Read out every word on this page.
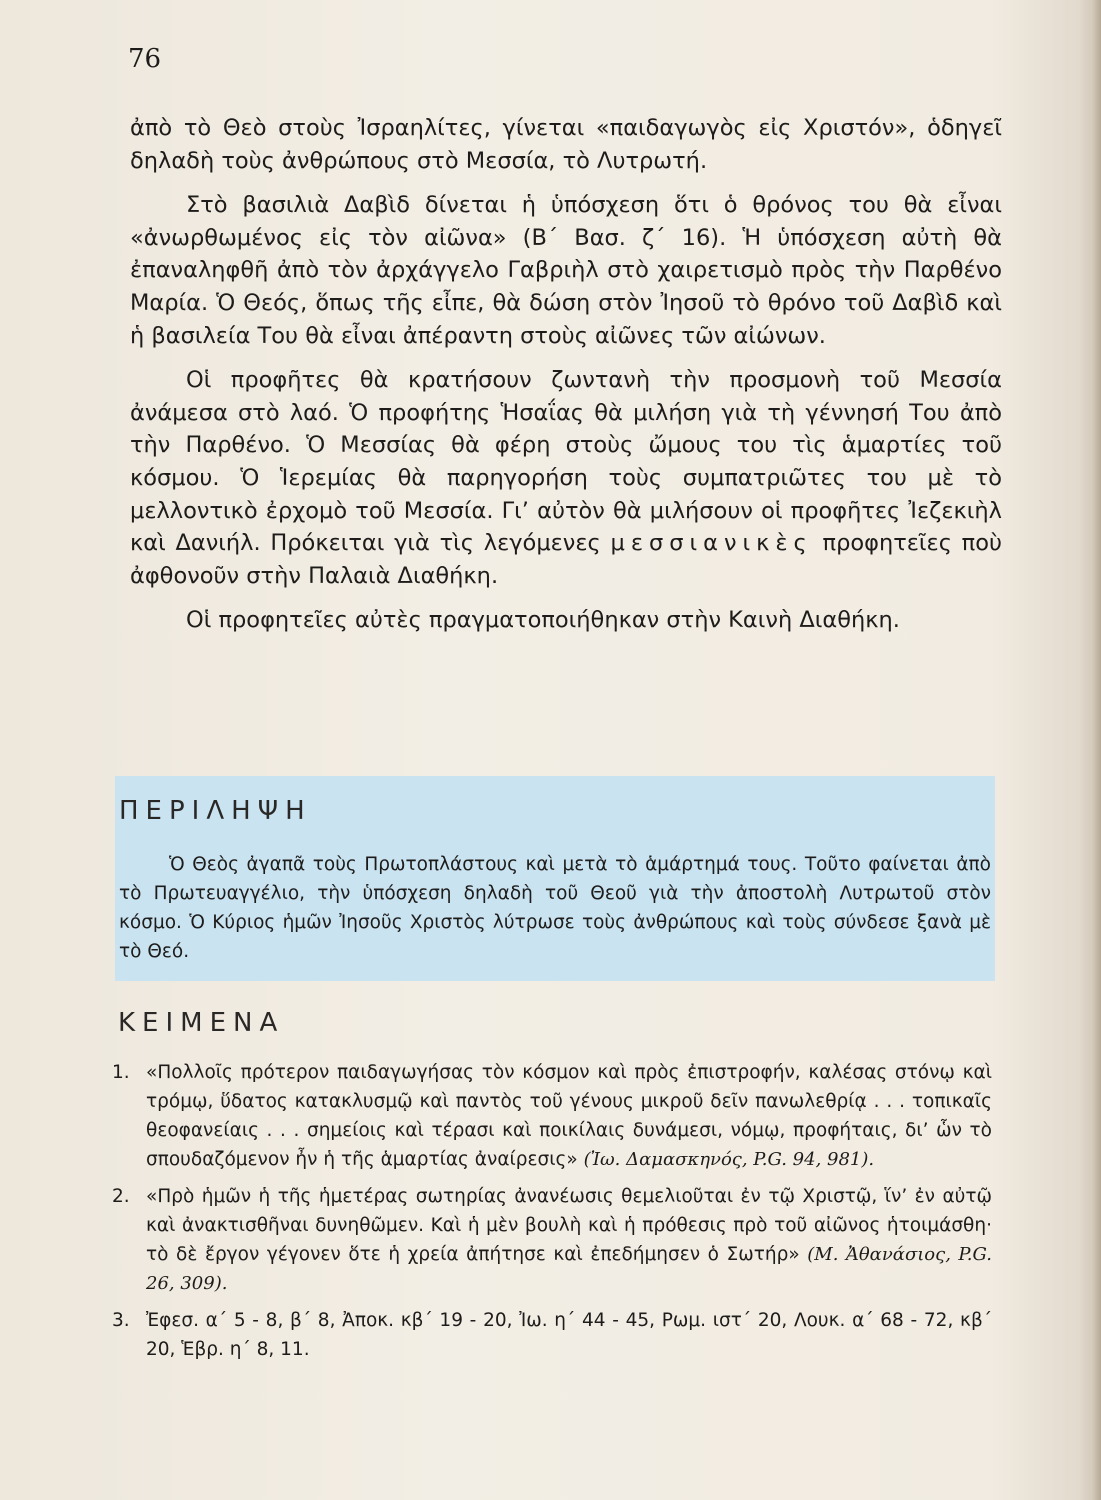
76

ἀπὸ τὸ Θεὸ στοὺς Ἰσραηλίτες, γίνεται «παιδαγωγὸς εἰς Χριστόν», ὁδηγεῖ δηλαδὴ τοὺς ἀνθρώπους στὸ Μεσσία, τὸ Λυτρωτή.

Στὸ βασιλιὰ Δαβὶδ δίνεται ἡ ὑπόσχεση ὅτι ὁ θρόνος του θὰ εἶναι «ἀνωρθωμένος εἰς τὸν αἰῶνα» (Β΄ Βασ. ζ΄ 16). Ἡ ὑπόσχεση αὐτὴ θὰ ἐπαναληφθῆ ἀπὸ τὸν ἀρχάγγελο Γαβριὴλ στὸ χαιρετισμὸ πρὸς τὴν Παρθένο Μαρία. Ὁ Θεός, ὅπως τῆς εἶπε, θὰ δώση στὸν Ἰησοῦ τὸ θρόνο τοῦ Δαβὶδ καὶ ἡ βασιλεία Του θὰ εἶναι ἀπέραντη στοὺς αἰῶνες τῶν αἰώνων.

Οἱ προφῆτες θὰ κρατήσουν ζωντανὴ τὴν προσμονὴ τοῦ Μεσσία ἀνάμεσα στὸ λαό. Ὁ προφήτης Ἡσαΐας θὰ μιλήση γιὰ τὴ γέννησή Του ἀπὸ τὴν Παρθένο. Ὁ Μεσσίας θὰ φέρη στοὺς ὤμους του τὶς ἁμαρτίες τοῦ κόσμου. Ὁ Ἱερεμίας θὰ παρηγορήση τοὺς συμπατριῶτες του μὲ τὸ μελλοντικὸ ἐρχομὸ τοῦ Μεσσία. Γι’ αὐτὸν θὰ μιλήσουν οἱ προφῆτες Ἰεζεκιὴλ καὶ Δανιήλ. Πρόκειται γιὰ τὶς λεγόμενες μεσσιανικὲς προφητεῖες ποὺ ἀφθονοῦν στὴν Παλαιὰ Διαθήκη.

Οἱ προφητεῖες αὐτὲς πραγματοποιήθηκαν στὴν Καινὴ Διαθήκη.

ΠΕΡΙΛΗΨΗ

Ὁ Θεὸς ἀγαπᾶ τοὺς Πρωτοπλάστους καὶ μετὰ τὸ ἁμάρτημά τους. Τοῦτο φαίνεται ἀπὸ τὸ Πρωτευαγγέλιο, τὴν ὑπόσχεση δηλαδὴ τοῦ Θεοῦ γιὰ τὴν ἀποστολὴ Λυτρωτοῦ στὸν κόσμο. Ὁ Κύριος ἡμῶν Ἰησοῦς Χριστὸς λύτρωσε τοὺς ἀνθρώπους καὶ τοὺς σύνδεσε ξανὰ μὲ τὸ Θεό.

ΚΕΙΜΕΝΑ
1. «Πολλοῖς πρότερον παιδαγωγήσας τὸν κόσμον καὶ πρὸς ἐπιστροφήν, καλέσας στόνῳ καὶ τρόμῳ, ὕδατος κατακλυσμῷ καὶ παντὸς τοῦ γένους μικροῦ δεῖν πανωλεθρίᾳ . . . τοπικαῖς θεοφανείαις . . . σημείοις καὶ τέρασι καὶ ποικίλαις δυνάμεσι, νόμῳ, προφήταις, δι’ ὧν τὸ σπουδαζόμενον ἦν ἡ τῆς ἁμαρτίας ἀναίρεσις» (Ἰω. Δαμασκηνός, P.G. 94, 981).
2. «Πρὸ ἡμῶν ἡ τῆς ἡμετέρας σωτηρίας ἀνανέωσις θεμελιοῦται ἐν τῷ Χριστῷ, ἵν’ ἐν αὐτῷ καὶ ἀνακτισθῆναι δυνηθῶμεν. Καὶ ἡ μὲν βουλὴ καὶ ἡ πρόθεσις πρὸ τοῦ αἰῶνος ἡτοιμάσθη· τὸ δὲ ἔργον γέγονεν ὅτε ἡ χρεία ἀπήτησε καὶ ἐπεδήμησεν ὁ Σωτήρ» (Μ. Ἀθανάσιος, P.G. 26, 309).
3. Ἐφεσ. α΄ 5 - 8, β΄ 8, Ἀποκ. κβ΄ 19 - 20, Ἰω. η΄ 44 - 45, Ρωμ. ιστ΄ 20, Λουκ. α΄ 68 - 72, κβ΄ 20, Ἑβρ. η΄ 8, 11.
